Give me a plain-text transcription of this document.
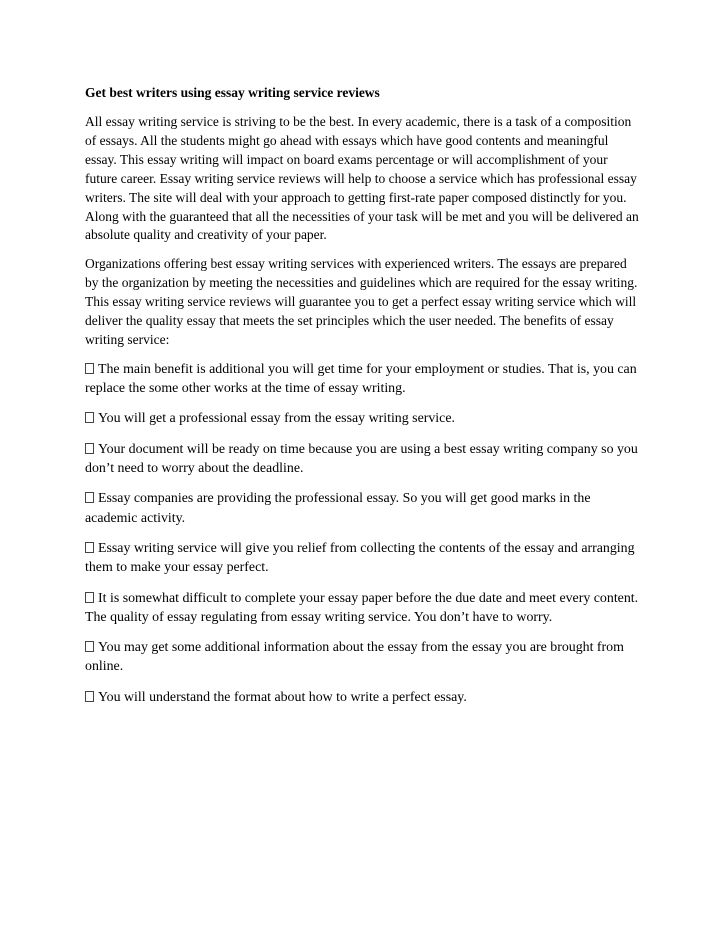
Get best writers using essay writing service reviews

All essay writing service is striving to be the best. In every academic, there is a task of a composition of essays. All the students might go ahead with essays which have good contents and meaningful essay. This essay writing will impact on board exams percentage or will accomplishment of your future career. Essay writing service reviews will help to choose a service which has professional essay writers. The site will deal with your approach to getting first-rate paper composed distinctly for you. Along with the guaranteed that all the necessities of your task will be met and you will be delivered an absolute quality and creativity of your paper.

Organizations offering best essay writing services with experienced writers. The essays are prepared by the organization by meeting the necessities and guidelines which are required for the essay writing. This essay writing service reviews will guarantee you to get a perfect essay writing service which will deliver the quality essay that meets the set principles which the user needed. The benefits of essay writing service:

The main benefit is additional you will get time for your employment or studies. That is, you can replace the some other works at the time of essay writing.
You will get a professional essay from the essay writing service.
Your document will be ready on time because you are using a best essay writing company so you don’t need to worry about the deadline.
Essay companies are providing the professional essay. So you will get good marks in the academic activity.
Essay writing service will give you relief from collecting the contents of the essay and arranging them to make your essay perfect.
It is somewhat difficult to complete your essay paper before the due date and meet every content. The quality of essay regulating from essay writing service. You don’t have to worry.
You may get some additional information about the essay from the essay you are brought from online.
You will understand the format about how to write a perfect essay.
